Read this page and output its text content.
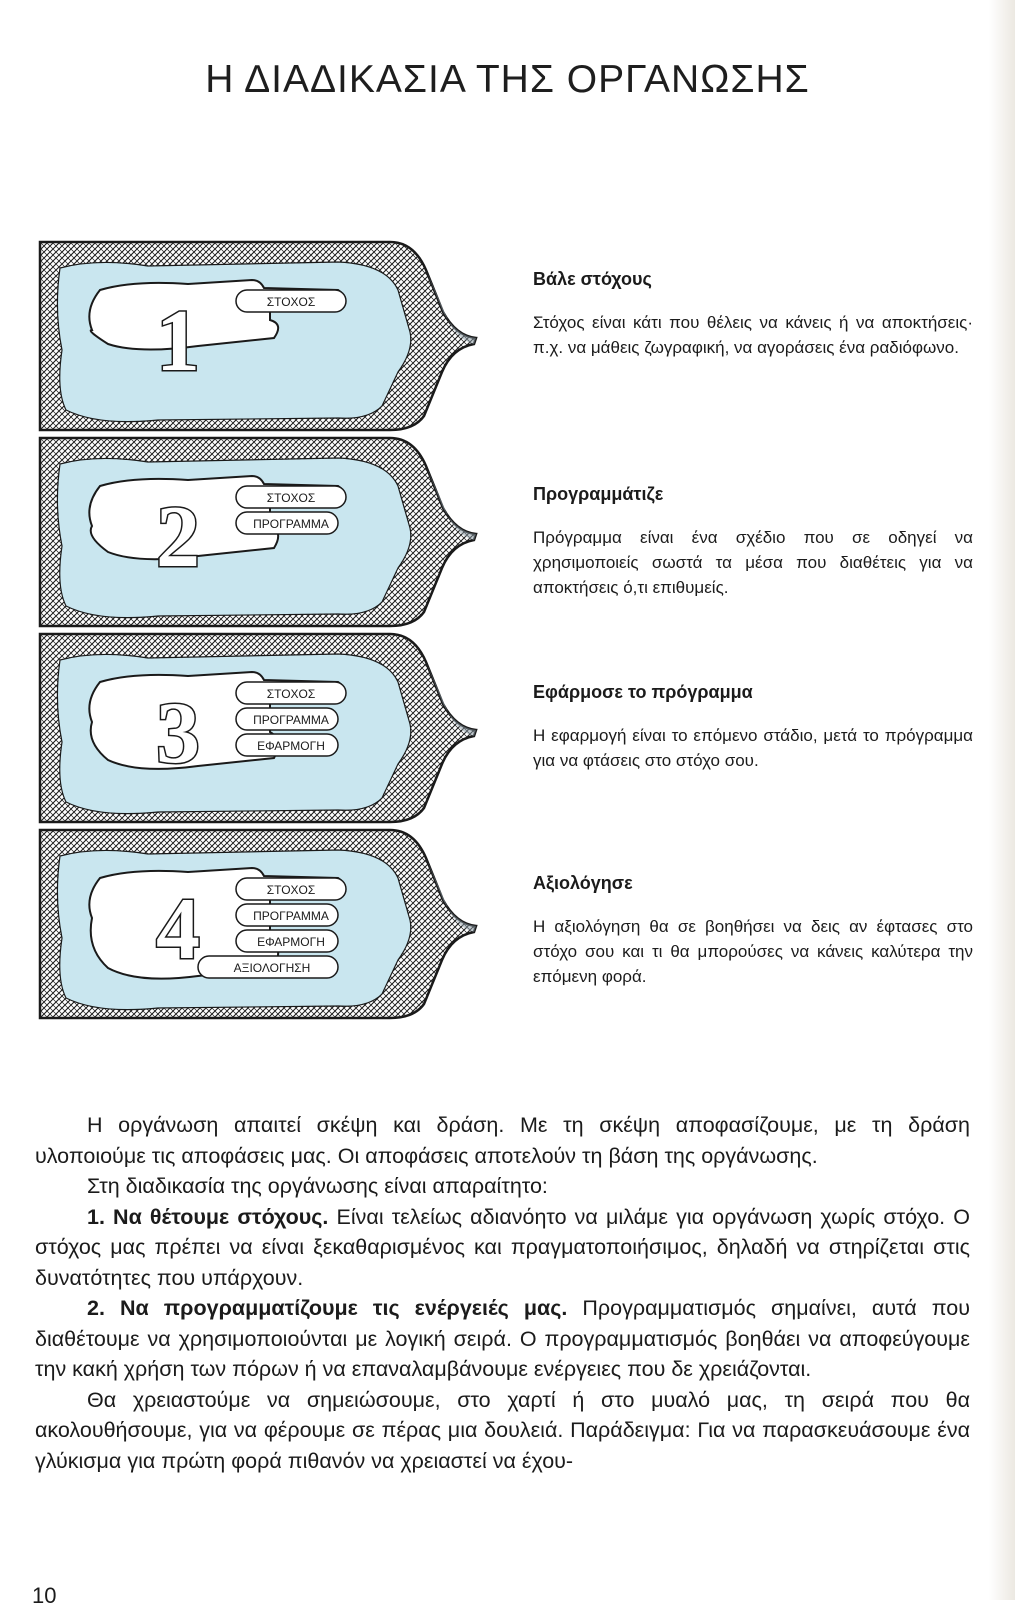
Η ΔΙΑΔΙΚΑΣΙΑ ΤΗΣ ΟΡΓΑΝΩΣΗΣ
ΣΤΟΧΟΣ
1
ΣΤΟΧΟΣ
ΠΡΟΓΡΑΜΜΑ
2
ΣΤΟΧΟΣ
ΠΡΟΓΡΑΜΜΑ
ΕΦΑΡΜΟΓΗ
3
ΣΤΟΧΟΣ
ΠΡΟΓΡΑΜΜΑ
ΕΦΑΡΜΟΓΗ
ΑΞΙΟΛΟΓΗΣΗ
4

Βάλε στόχους

Στόχος είναι κάτι που θέλεις να κάνεις ή να αποκτήσεις· π.χ. να μάθεις ζωγραφική, να αγοράσεις ένα ραδιόφωνο.

Προγραμμάτιζε

Πρόγραμμα είναι ένα σχέδιο που σε οδηγεί να χρησιμοποιείς σωστά τα μέσα που διαθέτεις για να αποκτήσεις ό,τι επιθυμείς.

Εφάρμοσε το πρόγραμμα

Η εφαρμογή είναι το επόμενο στάδιο, μετά το πρόγραμμα για να φτάσεις στο στόχο σου.

Αξιολόγησε

Η αξιολόγηση θα σε βοηθήσει να δεις αν έφτασες στο στόχο σου και τι θα μπορούσες να κάνεις καλύτερα την επόμενη φορά.

Η οργάνωση απαιτεί σκέψη και δράση. Με τη σκέψη αποφασίζουμε, με τη δράση υλοποιούμε τις αποφάσεις μας. Οι αποφάσεις αποτελούν τη βάση της οργάνωσης.

Στη διαδικασία της οργάνωσης είναι απαραίτητο:

1. Να θέτουμε στόχους. Είναι τελείως αδιανόητο να μιλάμε για οργάνωση χωρίς στόχο. Ο στόχος μας πρέπει να είναι ξεκαθαρισμένος και πραγματοποιήσιμος, δηλαδή να στηρίζεται στις δυνατότητες που υπάρχουν.

2. Να προγραμματίζουμε τις ενέργειές μας. Προγραμματισμός σημαίνει, αυτά που διαθέτουμε να χρησιμοποιούνται με λογική σειρά. Ο προγραμματισμός βοηθάει να αποφεύγουμε την κακή χρήση των πόρων ή να επαναλαμβάνουμε ενέργειες που δε χρειάζονται.

Θα χρειαστούμε να σημειώσουμε, στο χαρτί ή στο μυαλό μας, τη σειρά που θα ακολουθήσουμε, για να φέρουμε σε πέρας μια δουλειά. Παράδειγμα: Για να παρασκευάσουμε ένα γλύκισμα για πρώτη φορά πιθανόν να χρειαστεί να έχου-

10
